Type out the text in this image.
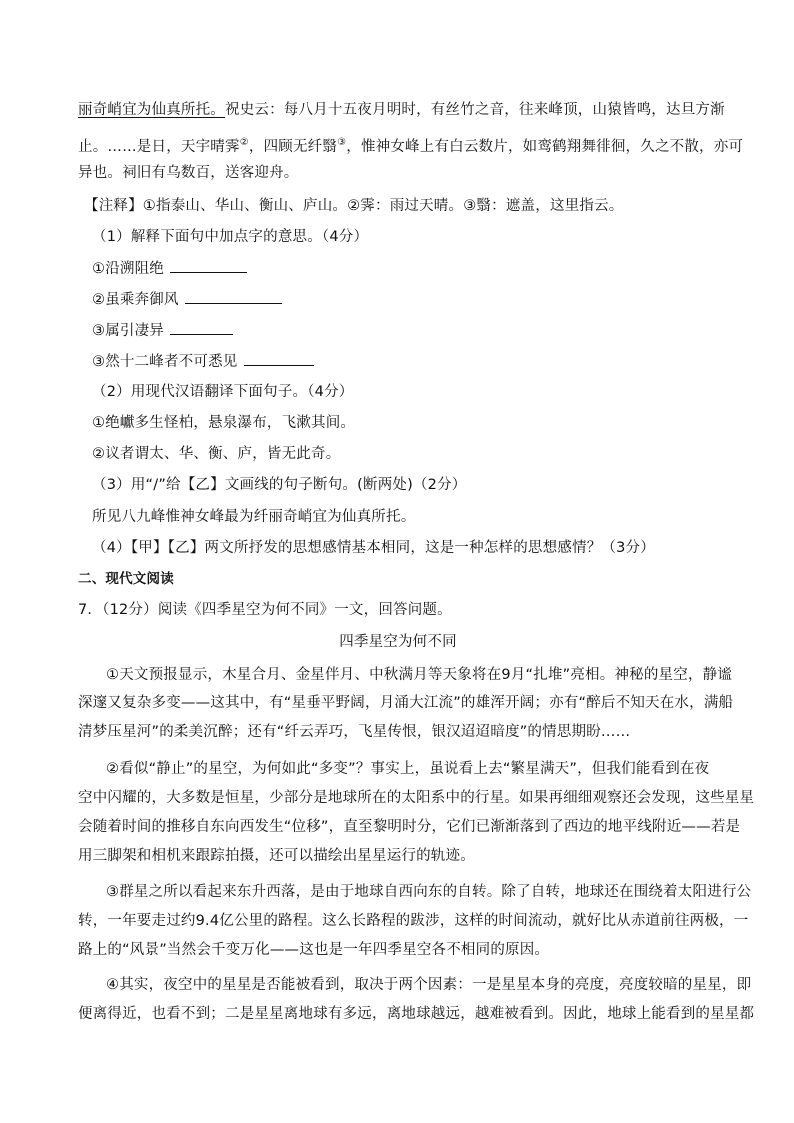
丽奇峭宜为仙真所托。祝史云：每八月十五夜月明时，有丝竹之音，往来峰顶，山猿皆鸣，达旦方渐
止。……是日，天宇晴霁②，四顾无纤翳③，惟神女峰上有白云数片，如鸾鹤翔舞徘徊，久之不散，亦可
异也。祠旧有乌数百，送客迎舟。
【注释】①指泰山、华山、衡山、庐山。②霁：雨过天晴。③翳：遮盖，这里指云。
（1）解释下面句中加点字的意思。（4分）
①沿溯阻绝
②虽乘奔御风
③属引凄异
③然十二峰者不可悉见
（2）用现代汉语翻译下面句子。（4分）
①绝巘多生怪柏，悬泉瀑布，飞漱其间。
②议者谓太、华、衡、庐，皆无此奇。
（3）用“/”给【乙】文画线的句子断句。(断两处)（2分）
所见八九峰惟神女峰最为纤丽奇峭宜为仙真所托。
（4）【甲】【乙】两文所抒发的思想感情基本相同，这是一种怎样的思想感情？（3分）
二、现代文阅读
7．（12分）阅读《四季星空为何不同》一文，回答问题。
四季星空为何不同
①天文预报显示，木星合月、金星伴月、中秋满月等天象将在9月“扎堆”亮相。神秘的星空，静谧
深邃又复杂多变——这其中，有“星垂平野阔，月涌大江流”的雄浑开阔；亦有“醉后不知天在水，满船
清梦压星河”的柔美沉醉；还有“纤云弄巧，飞星传恨，银汉迢迢暗度”的情思期盼……
②看似“静止”的星空，为何如此“多变”？事实上，虽说看上去“繁星满天”，但我们能看到在夜
空中闪耀的，大多数是恒星，少部分是地球所在的太阳系中的行星。如果再细细观察还会发现，这些星星
会随着时间的推移自东向西发生“位移”，直至黎明时分，它们已渐渐落到了西边的地平线附近——若是
用三脚架和相机来跟踪拍摄，还可以描绘出星星运行的轨迹。
③群星之所以看起来东升西落，是由于地球自西向东的自转。除了自转，地球还在围绕着太阳进行公
转，一年要走过约9.4亿公里的路程。这么长路程的跋涉，这样的时间流动，就好比从赤道前往两极，一
路上的“风景”当然会千变万化——这也是一年四季星空各不相同的原因。
④其实，夜空中的星星是否能被看到，取决于两个因素：一是星星本身的亮度，亮度较暗的星星，即
便离得近，也看不到；二是星星离地球有多远，离地球越远，越难被看到。因此，地球上能看到的星星都
